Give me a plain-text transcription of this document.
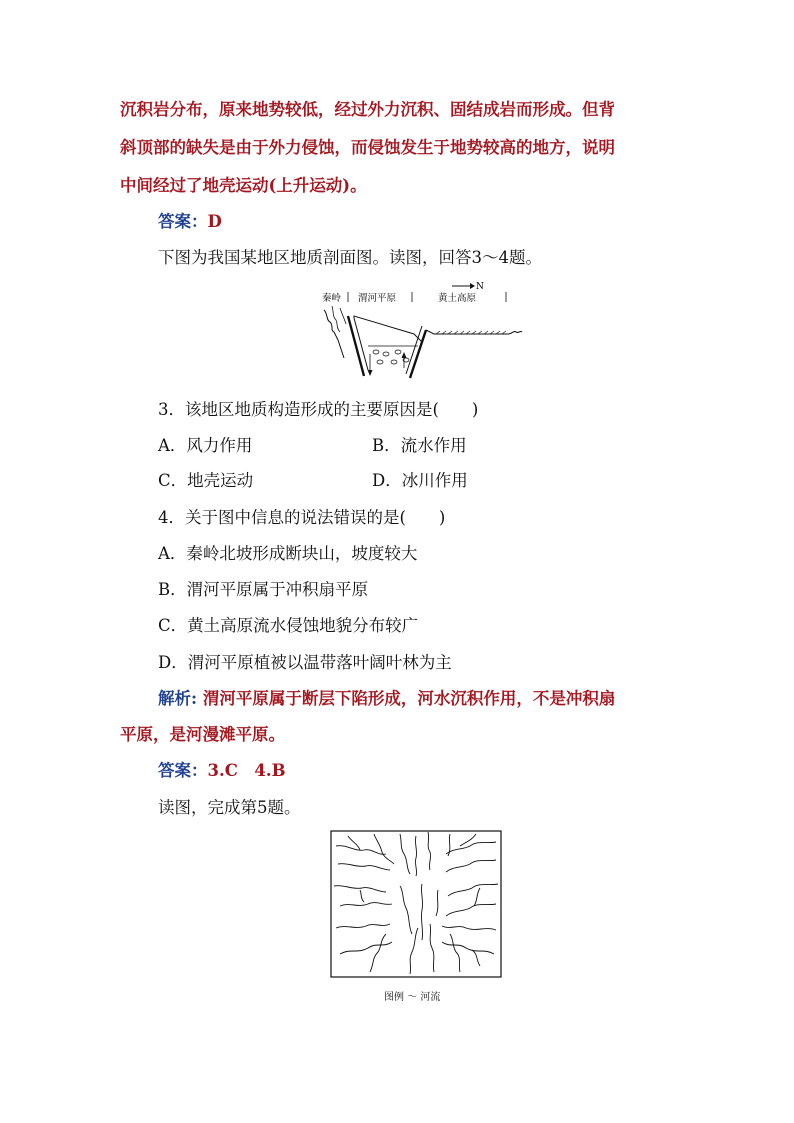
沉积岩分布，原来地势较低，经过外力沉积、固结成岩而形成。但背
斜顶部的缺失是由于外力侵蚀，而侵蚀发生于地势较高的地方，说明
中间经过了地壳运动(上升运动)。
答案：D
下图为我国某地区地质剖面图。读图，回答3～4题。
N
秦岭 渭河平原	黄土高原
3．该地区地质构造形成的主要原因是(　　)
A．风力作用	B．流水作用
C．地壳运动	D．冰川作用
4．关于图中信息的说法错误的是(　　)
A．秦岭北坡形成断块山，坡度较大
B．渭河平原属于冲积扇平原
C．黄土高原流水侵蚀地貌分布较广
D．渭河平原植被以温带落叶阔叶林为主
解析: 渭河平原属于断层下陷形成，河水沉积作用，不是冲积扇
平原，是河漫滩平原。
答案：3.C　4.B
读图，完成第5题。
图例 ～ 河流
